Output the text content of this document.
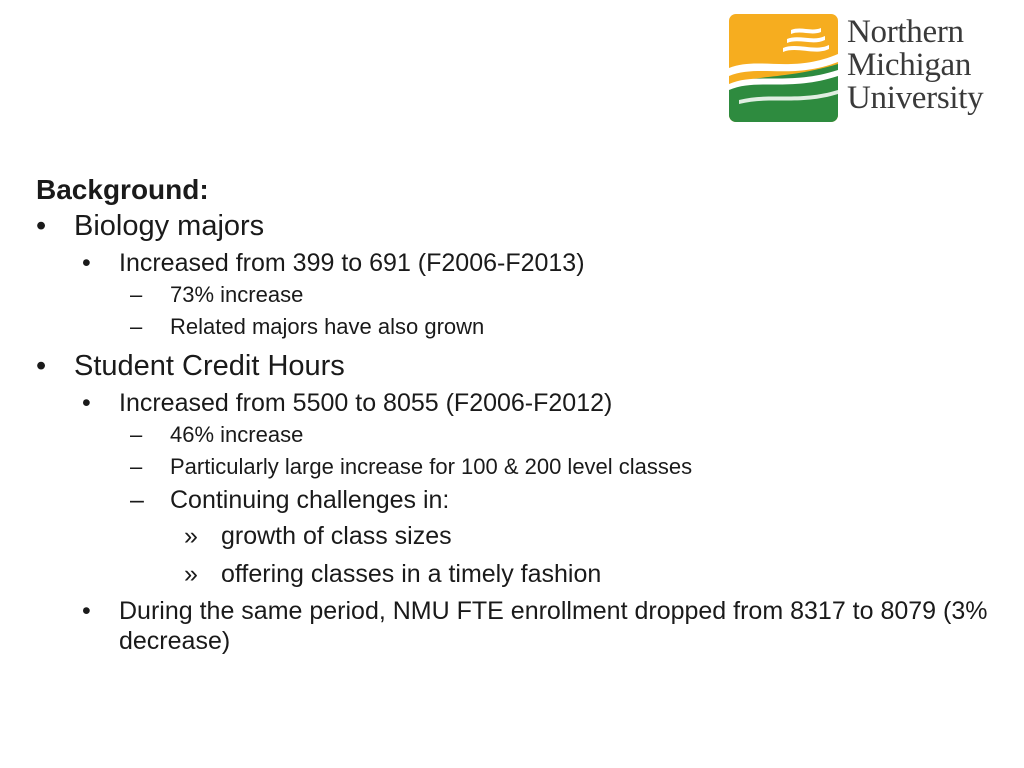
Northern
Michigan
University

Background:

• Biology majors
• Increased from 399 to 691 (F2006-F2013)
– 73% increase
– Related majors have also grown
• Student Credit Hours
• Increased from 5500 to 8055 (F2006-F2012)
– 46% increase
– Particularly large increase for 100 & 200 level classes
– Continuing challenges in:
» growth of class sizes
» offering classes in a timely fashion
• During the same period, NMU FTE enrollment dropped from 8317 to 8079 (3% decrease)
